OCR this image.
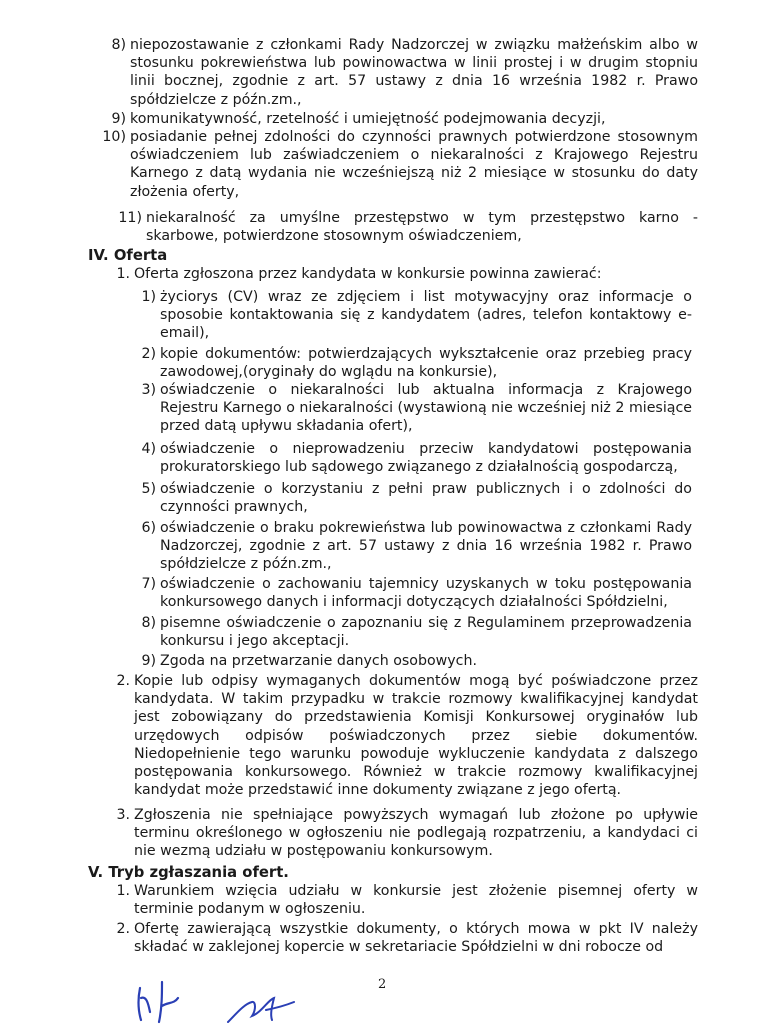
8) niepozostawanie z członkami Rady Nadzorczej w związku małżeńskim albo w stosunku pokrewieństwa lub powinowactwa w linii prostej i w drugim stopniu linii bocznej, zgodnie z art. 57 ustawy z dnia 16 września 1982 r. Prawo spółdzielcze z późn.zm.,
9) komunikatywność, rzetelność i umiejętność podejmowania decyzji,
10) posiadanie pełnej zdolności do czynności prawnych potwierdzone stosownym oświadczeniem lub zaświadczeniem o niekaralności z Krajowego Rejestru Karnego z datą wydania nie wcześniejszą niż 2 miesiące w stosunku do daty złożenia oferty,
11) niekaralność za umyślne przestępstwo w tym przestępstwo karno - skarbowe, potwierdzone stosownym oświadczeniem,
IV. Oferta
1. Oferta zgłoszona przez kandydata w konkursie powinna zawierać:
1) życiorys (CV) wraz ze zdjęciem i list motywacyjny oraz informacje o sposobie kontaktowania się z kandydatem (adres, telefon kontaktowy e-email),
2) kopie dokumentów: potwierdzających wykształcenie oraz przebieg pracy zawodowej,(oryginały do wglądu na konkursie),
3) oświadczenie o niekaralności lub aktualna informacja z Krajowego Rejestru Karnego o niekaralności (wystawioną nie wcześniej niż 2 miesiące przed datą upływu składania ofert),
4) oświadczenie o nieprowadzeniu przeciw kandydatowi postępowania prokuratorskiego lub sądowego związanego z działalnością gospodarczą,
5) oświadczenie o korzystaniu z pełni praw publicznych i o zdolności do czynności prawnych,
6) oświadczenie o braku pokrewieństwa lub powinowactwa z członkami Rady Nadzorczej, zgodnie z art. 57 ustawy z dnia 16 września 1982 r. Prawo spółdzielcze z późn.zm.,
7) oświadczenie o zachowaniu tajemnicy uzyskanych w toku postępowania konkursowego danych i informacji dotyczących działalności Spółdzielni,
8) pisemne oświadczenie o zapoznaniu się z Regulaminem przeprowadzenia konkursu i jego akceptacji.
9) Zgoda na przetwarzanie danych osobowych.
2. Kopie lub odpisy wymaganych dokumentów mogą być poświadczone przez kandydata. W takim przypadku w trakcie rozmowy kwalifikacyjnej kandydat jest zobowiązany do przedstawienia Komisji Konkursowej oryginałów lub urzędowych odpisów poświadczonych przez siebie dokumentów. Niedopełnienie tego warunku powoduje wykluczenie kandydata z dalszego postępowania konkursowego. Również w trakcie rozmowy kwalifikacyjnej kandydat może przedstawić inne dokumenty związane z jego ofertą.
3. Zgłoszenia nie spełniające powyższych wymagań lub złożone po upływie terminu określonego w ogłoszeniu nie podlegają rozpatrzeniu, a kandydaci ci nie wezmą udziału w postępowaniu konkursowym.
V. Tryb zgłaszania ofert.
1. Warunkiem wzięcia udziału w konkursie jest złożenie pisemnej oferty w terminie podanym w ogłoszeniu.
2. Ofertę zawierającą wszystkie dokumenty, o których mowa w pkt IV należy składać w zaklejonej kopercie w sekretariacie Spółdzielni w dni robocze od
2
